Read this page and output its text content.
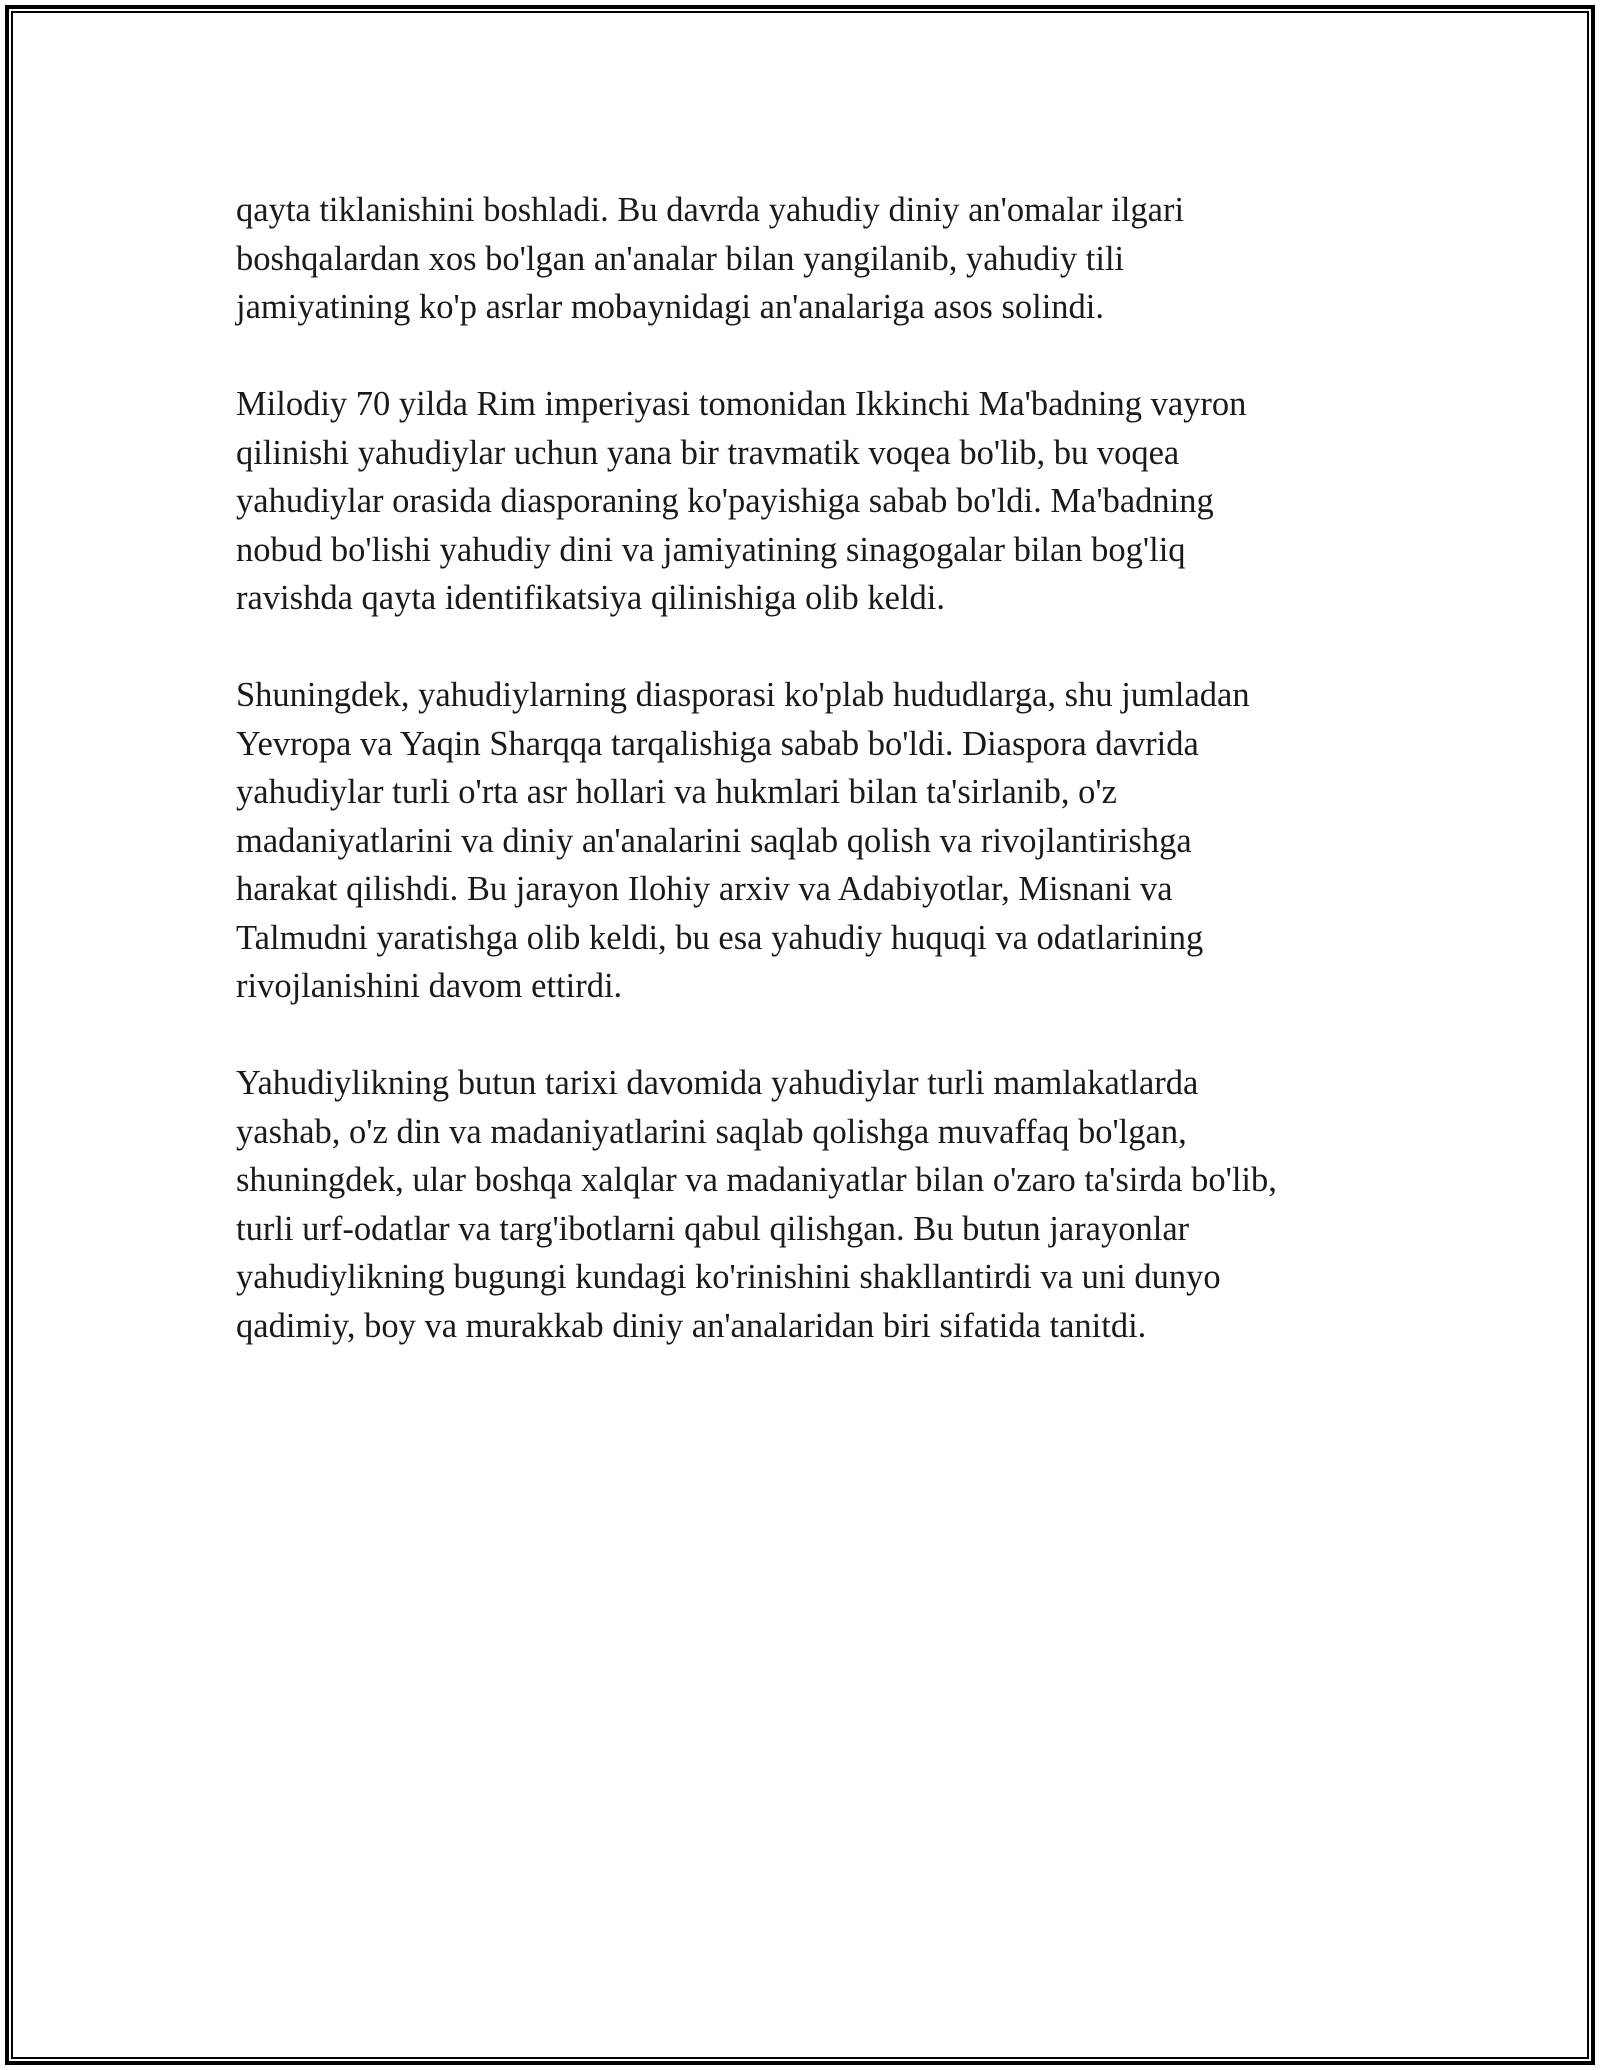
qayta tiklanishini boshladi. Bu davrda yahudiy diniy an'omalar ilgari
boshqalardan xos bo'lgan an'analar bilan yangilanib, yahudiy tili
jamiyatining ko'p asrlar mobaynidagi an'analariga asos solindi.

Milodiy 70 yilda Rim imperiyasi tomonidan Ikkinchi Ma'badning vayron
qilinishi yahudiylar uchun yana bir travmatik voqea bo'lib, bu voqea
yahudiylar orasida diasporaning ko'payishiga sabab bo'ldi. Ma'badning
nobud bo'lishi yahudiy dini va jamiyatining sinagogalar bilan bog'liq
ravishda qayta identifikatsiya qilinishiga olib keldi.

Shuningdek, yahudiylarning diasporasi ko'plab hududlarga, shu jumladan
Yevropa va Yaqin Sharqqa tarqalishiga sabab bo'ldi. Diaspora davrida
yahudiylar turli o'rta asr hollari va hukmlari bilan ta'sirlanib, o'z
madaniyatlarini va diniy an'analarini saqlab qolish va rivojlantirishga
harakat qilishdi. Bu jarayon Ilohiy arxiv va Adabiyotlar, Misnani va
Talmudni yaratishga olib keldi, bu esa yahudiy huquqi va odatlarining
rivojlanishini davom ettirdi.

Yahudiylikning butun tarixi davomida yahudiylar turli mamlakatlarda
yashab, o'z din va madaniyatlarini saqlab qolishga muvaffaq bo'lgan,
shuningdek, ular boshqa xalqlar va madaniyatlar bilan o'zaro ta'sirda bo'lib,
turli urf-odatlar va targ'ibotlarni qabul qilishgan. Bu butun jarayonlar
yahudiylikning bugungi kundagi ko'rinishini shakllantirdi va uni dunyo
qadimiy, boy va murakkab diniy an'analaridan biri sifatida tanitdi.
